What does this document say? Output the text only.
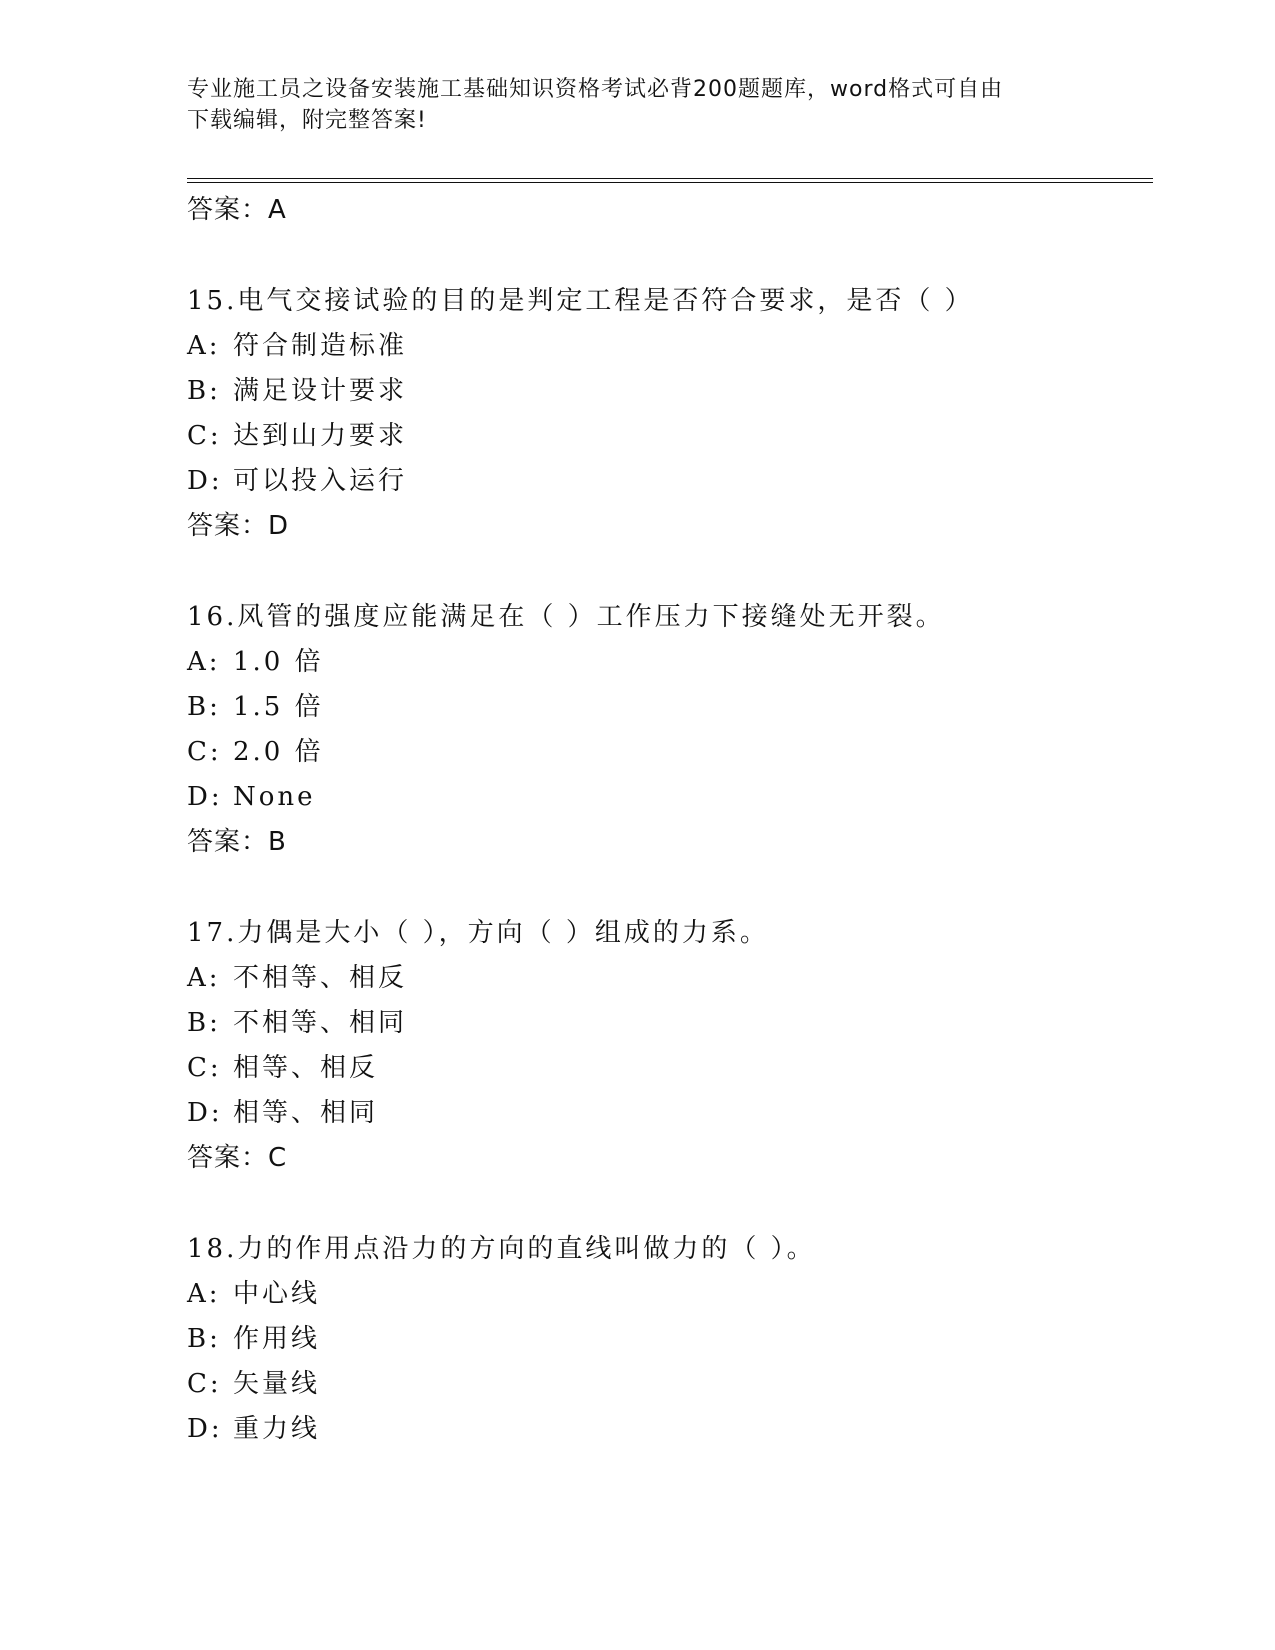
专业施工员之设备安装施工基础知识资格考试必背200题题库，word格式可自由
下载编辑，附完整答案!
答案：A
15.电气交接试验的目的是判定工程是否符合要求，是否（ ）
A: 符合制造标准
B: 满足设计要求
C: 达到山力要求
D: 可以投入运行
答案：D
16.风管的强度应能满足在（ ）工作压力下接缝处无开裂。
A: 1.0 倍
B: 1.5 倍
C: 2.0 倍
D: None
答案：B
17.力偶是大小（ ），方向（ ）组成的力系。
A: 不相等、相反
B: 不相等、相同
C: 相等、相反
D: 相等、相同
答案：C
18.力的作用点沿力的方向的直线叫做力的（ ）。
A: 中心线
B: 作用线
C: 矢量线
D: 重力线
